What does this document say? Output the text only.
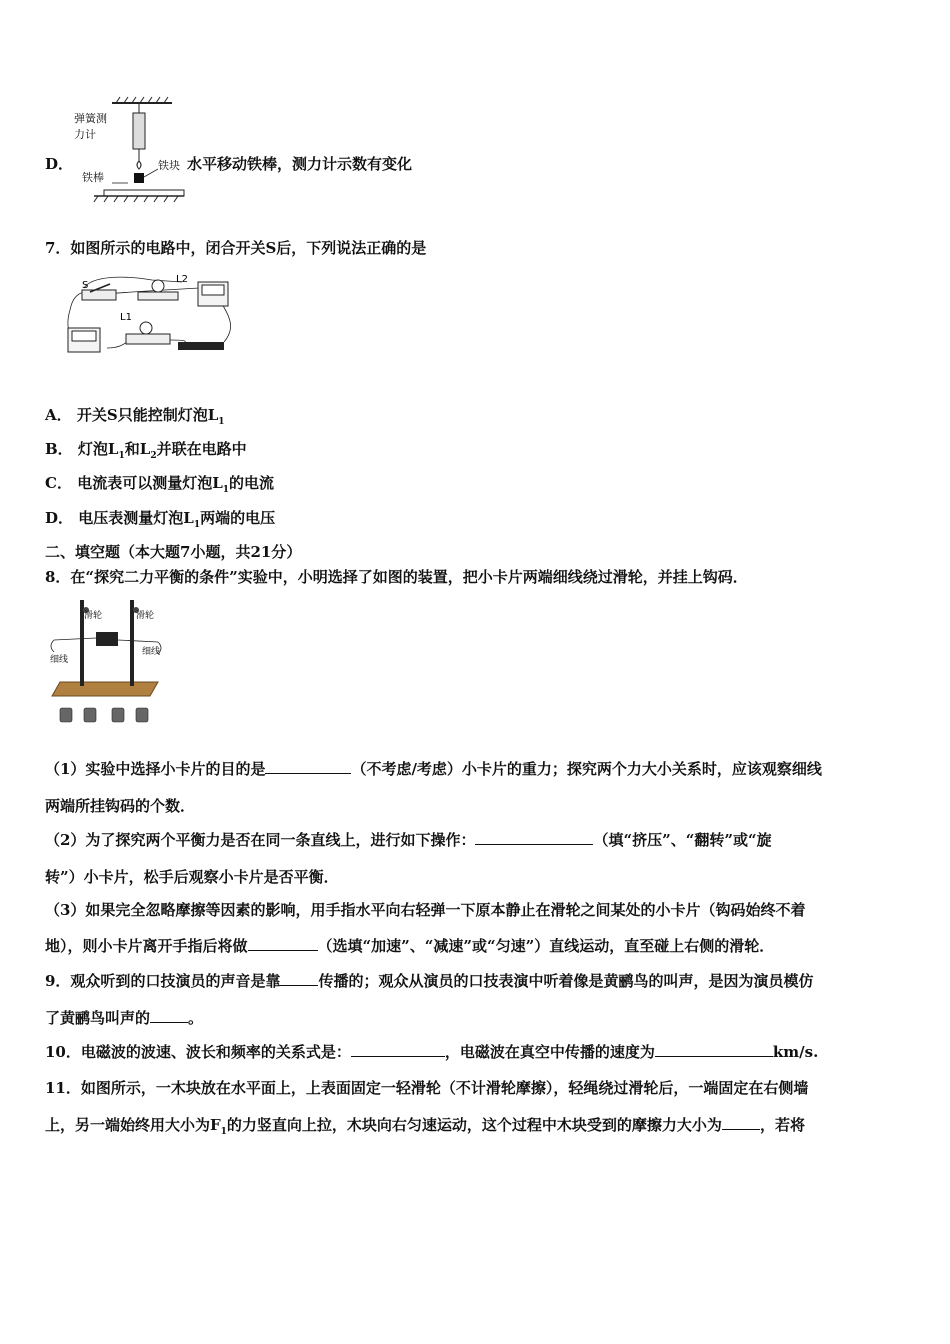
D．
弹簧测
力计
铁块
铁棒
水平移动铁棒，测力计示数有变化
7．如图所示的电路中，闭合开关S后，下列说法正确的是
S
L2
L1
A． 开关S只能控制灯泡$L_1$
B． 灯泡$L_1$和$L_2$并联在电路中
C． 电流表可以测量灯泡$L_1$的电流
D． 电压表测量灯泡$L_1$两端的电压
二、填空题（本大题7小题，共21分）
8．在“探究二力平衡的条件”实验中，小明选择了如图的装置，把小卡片两端细线绕过滑轮，并挂上钩码．
滑轮	滑轮
细线
细线
（1）实验中选择小卡片的目的是	（不考虑/考虑）小卡片的重力；探究两个力大小关系时，应该观察细线
两端所挂钩码的个数．
（2）为了探究两个平衡力是否在同一条直线上，进行如下操作：	（填“挤压”、“翻转”或“旋
转”）小卡片，松手后观察小卡片是否平衡．
（3）如果完全忽略摩擦等因素的影响，用手指水平向右轻弹一下原本静止在滑轮之间某处的小卡片（钩码始终不着
地），则小卡片离开手指后将做	（选填“加速”、“减速”或“匀速”）直线运动，直至碰上右侧的滑轮．
9．观众听到的口技演员的声音是靠	传播的；观众从演员的口技表演中听着像是黄鹂鸟的叫声，是因为演员模仿
了黄鹂鸟叫声的	。
10．电磁波的波速、波长和频率的关系式是：	，电磁波在真空中传播的速度为	km/s.
11．如图所示，一木块放在水平面上，上表面固定一轻滑轮（不计滑轮摩擦），轻绳绕过滑轮后，一端固定在右侧墙
上，另一端始终用大小为$F_1$的力竖直向上拉，木块向右匀速运动，这个过程中木块受到的摩擦力大小为	，若将
